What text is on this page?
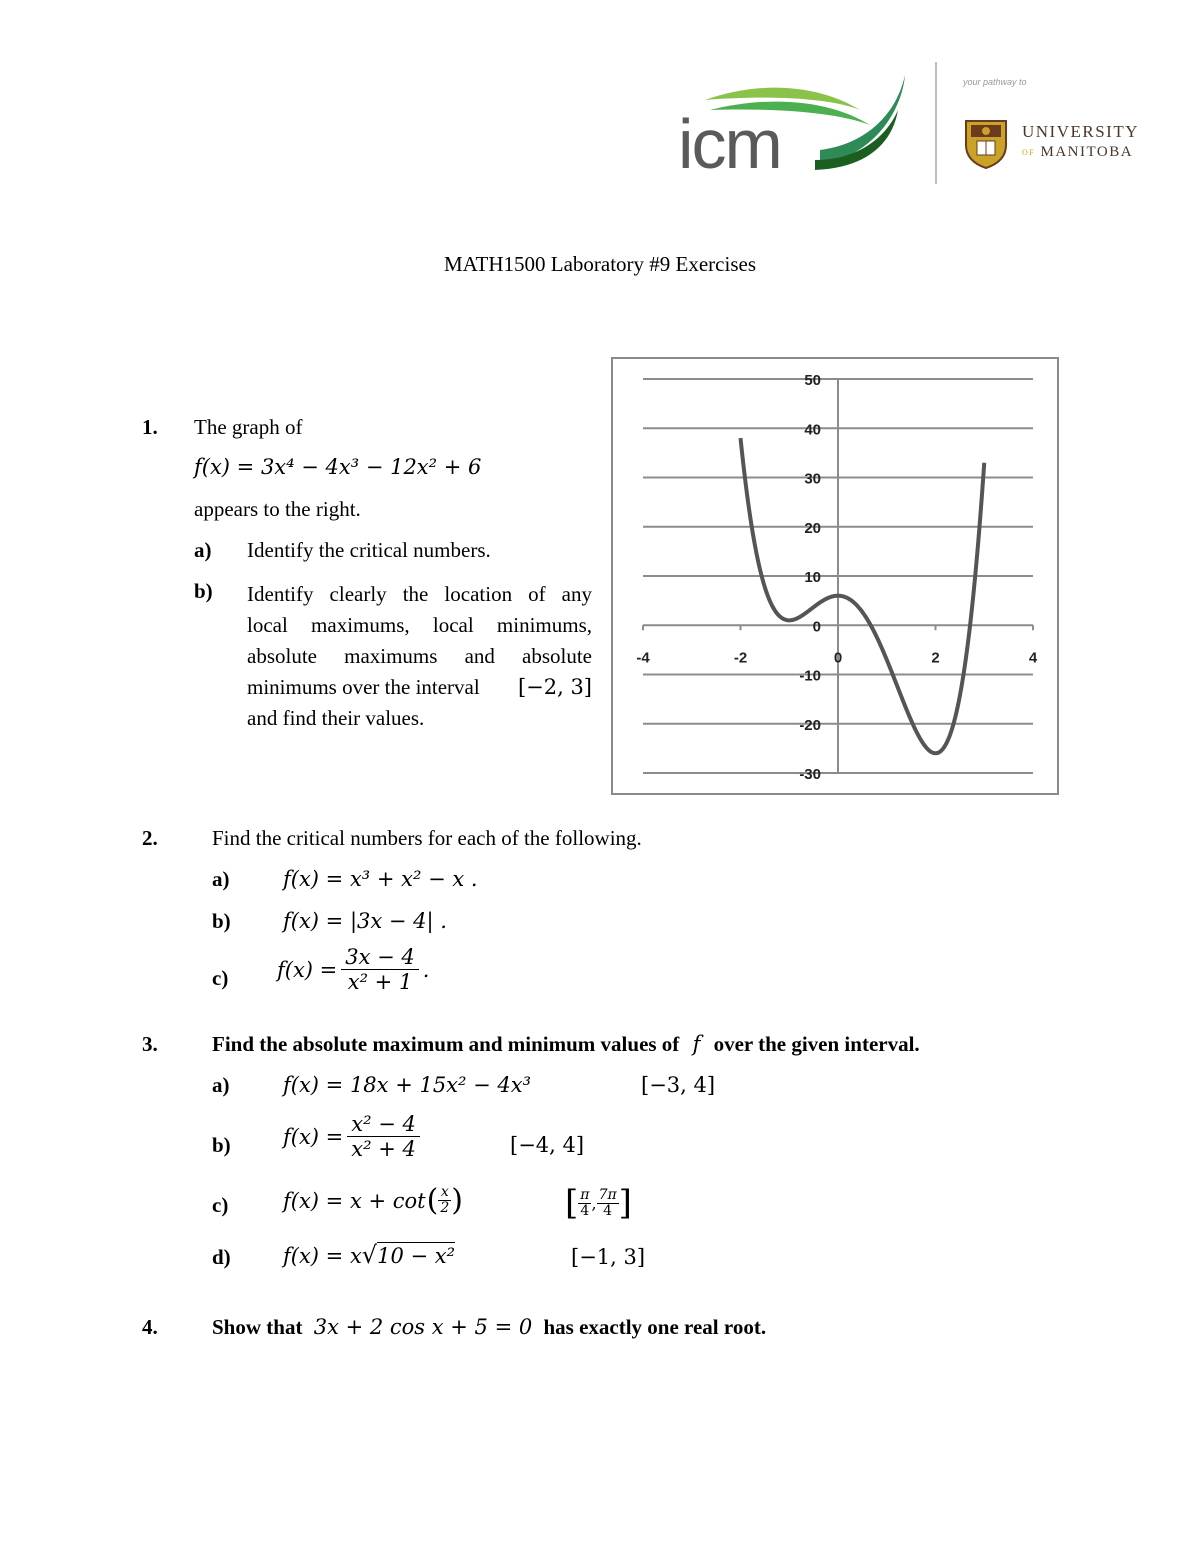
icm
your pathway to
UNIVERSITY
OF MANITOBA
MATH1500 Laboratory #9 Exercises
1. The graph of
f(x) = 3x⁴ − 4x³ − 12x² + 6
appears to the right.
a) Identify the critical numbers.
b) Identify clearly the location of any
local maximums, local minimums,
absolute maximums and absolute
minimums over the interval [−2, 3]
and find their values.
50
40
30
20
10
0
-10
-20
-30
-4	-2	0	2	4
2.	Find the critical numbers for each of the following.
a)	f(x) = x³ + x² − x .
b) f(x) = |3x − 4| .
c) $f(x) = \frac{3x - 4}{\text{x² + 1}}$ .
3.	Find the absolute maximum and minimum values of f over the given interval.
a)	f(x) = 18x + 15x² − 4x³	[−3, 4]
b) $f(x) = \frac{\text{x² − 4}}{\text{x² + 4}}$	[−4, 4]
c)	f(x) = x + cot ( $\frac{x}{2}$ )	[ $\frac{\pi}{4}$ , $\frac{7\pi}{4}$ ]
d) f(x) = x √ 10 − x²	[−1, 3]
4.	Show that 3x + 2 cos x + 5 = 0 has exactly one real root.
